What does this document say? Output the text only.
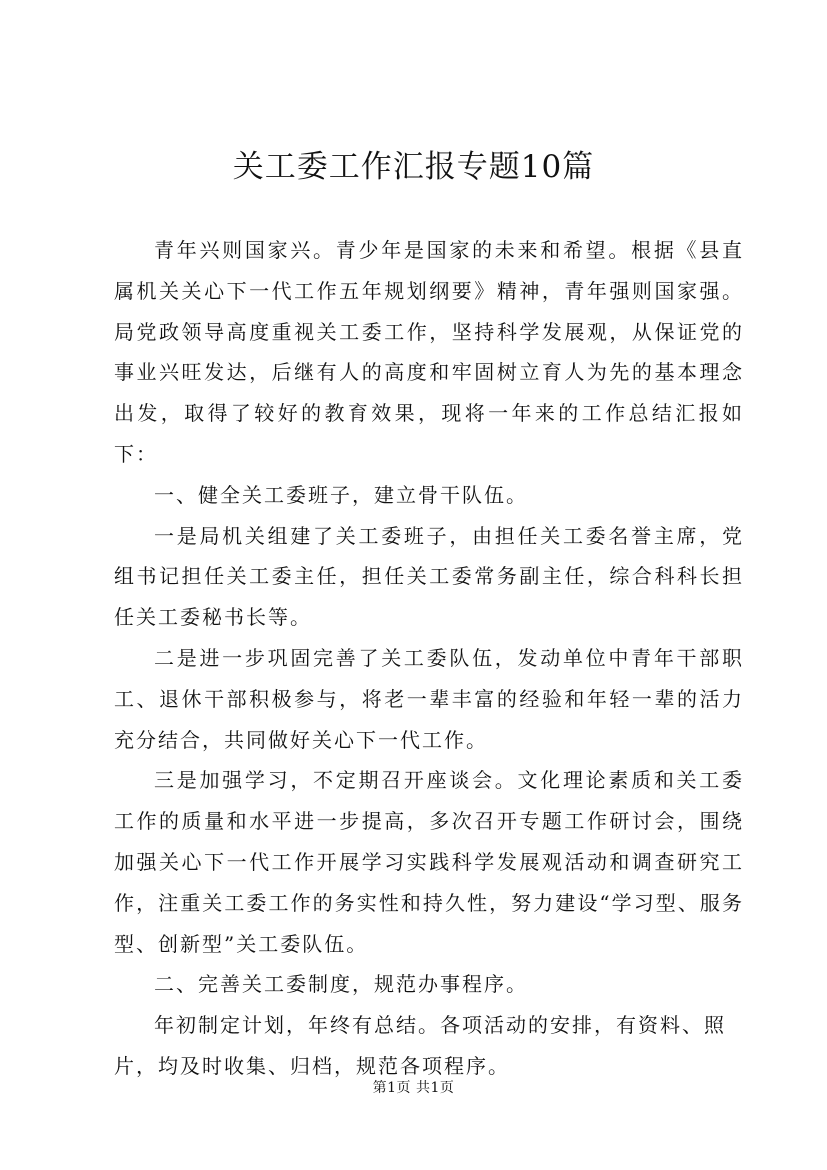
关工委工作汇报专题10篇

青年兴则国家兴。青少年是国家的未来和希望。根据《县直属机关关心下一代工作五年规划纲要》精神，青年强则国家强。局党政领导高度重视关工委工作，坚持科学发展观，从保证党的事业兴旺发达，后继有人的高度和牢固树立育人为先的基本理念出发，取得了较好的教育效果，现将一年来的工作总结汇报如下：

一、健全关工委班子，建立骨干队伍。

一是局机关组建了关工委班子，由担任关工委名誉主席，党组书记担任关工委主任，担任关工委常务副主任，综合科科长担任关工委秘书长等。

二是进一步巩固完善了关工委队伍，发动单位中青年干部职工、退休干部积极参与，将老一辈丰富的经验和年轻一辈的活力充分结合，共同做好关心下一代工作。

三是加强学习，不定期召开座谈会。文化理论素质和关工委工作的质量和水平进一步提高，多次召开专题工作研讨会，围绕加强关心下一代工作开展学习实践科学发展观活动和调查研究工作，注重关工委工作的务实性和持久性，努力建设“学习型、服务型、创新型”关工委队伍。

二、完善关工委制度，规范办事程序。

年初制定计划，年终有总结。各项活动的安排，有资料、照片，均及时收集、归档，规范各项程序。

第1页 共1页
